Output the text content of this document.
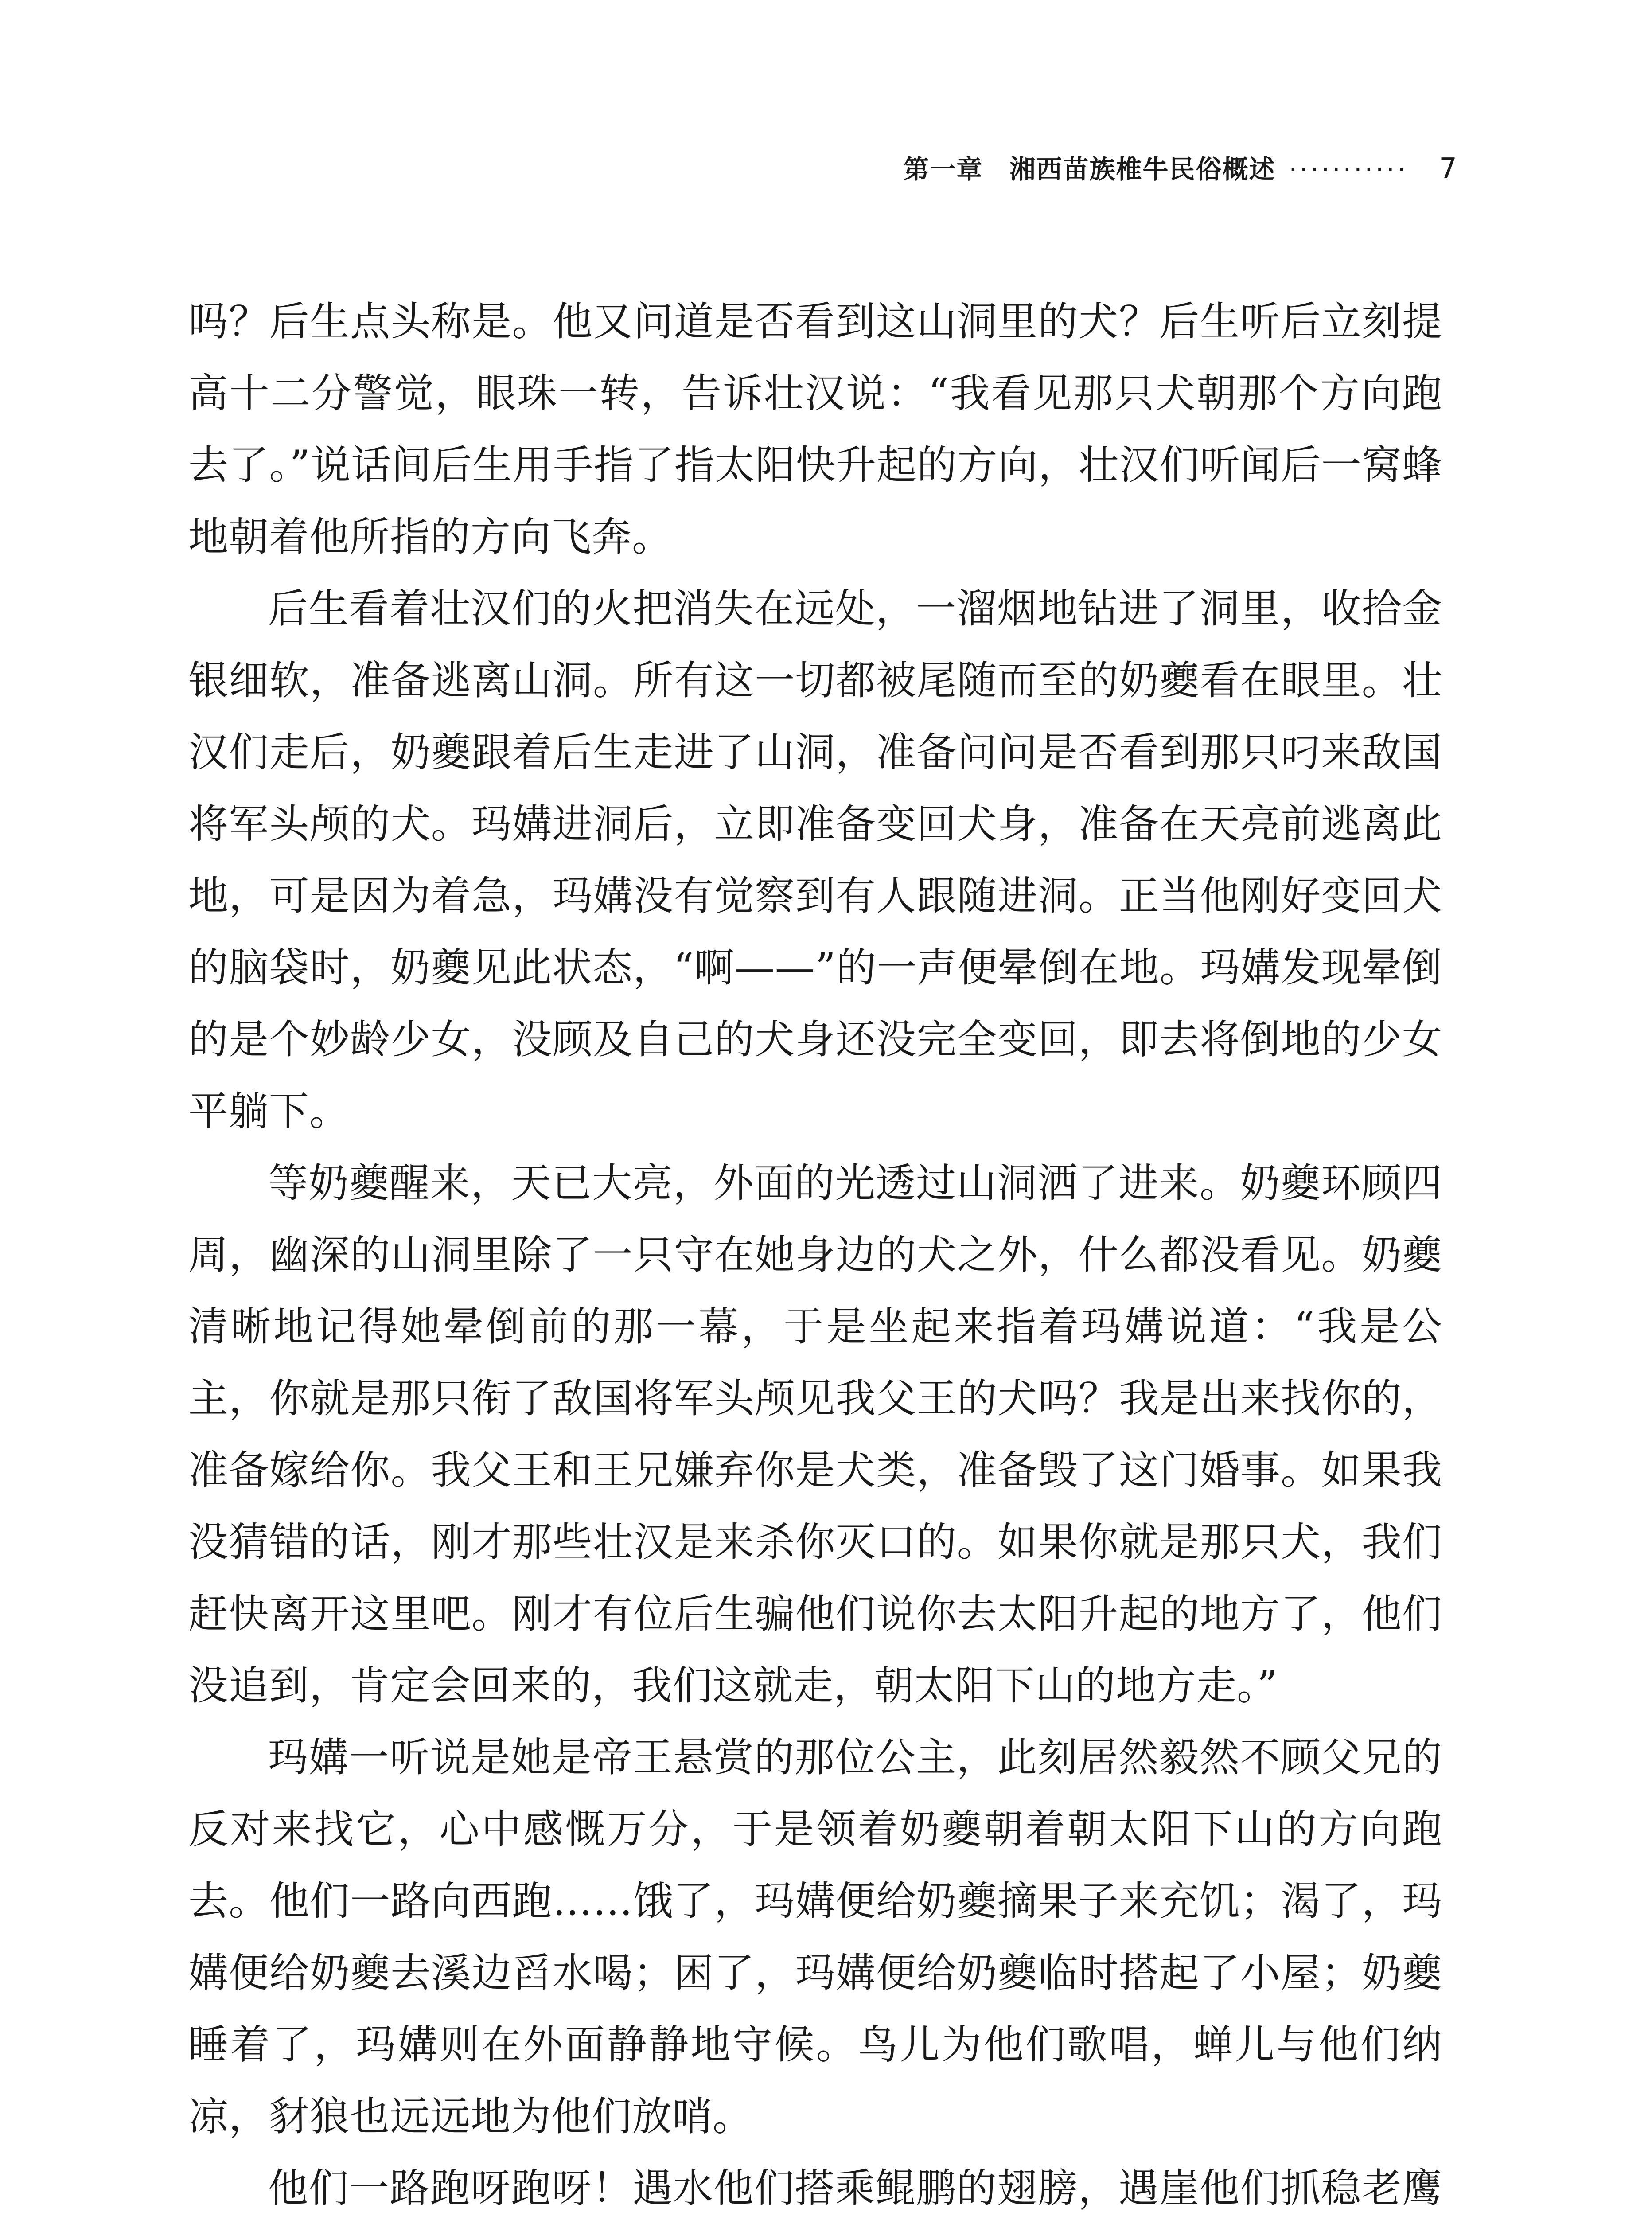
第一章 湘西苗族椎牛民俗概述 ··········· 7

吗？后生点头称是。他又问道是否看到这山洞里的犬？后生听后立刻提高十二分警觉，眼珠一转，告诉壮汉说：“我看见那只犬朝那个方向跑去了。”说话间后生用手指了指太阳快升起的方向，壮汉们听闻后一窝蜂地朝着他所指的方向飞奔。

后生看着壮汉们的火把消失在远处，一溜烟地钻进了洞里，收拾金银细软，准备逃离山洞。所有这一切都被尾随而至的奶夔看在眼里。壮汉们走后，奶夔跟着后生走进了山洞，准备问问是否看到那只叼来敌国将军头颅的犬。玛媾进洞后，立即准备变回犬身，准备在天亮前逃离此地，可是因为着急，玛媾没有觉察到有人跟随进洞。正当他刚好变回犬的脑袋时，奶夔见此状态，“啊——”的一声便晕倒在地。玛媾发现晕倒的是个妙龄少女，没顾及自己的犬身还没完全变回，即去将倒地的少女平躺下。

等奶夔醒来，天已大亮，外面的光透过山洞洒了进来。奶夔环顾四周，幽深的山洞里除了一只守在她身边的犬之外，什么都没看见。奶夔清晰地记得她晕倒前的那一幕，于是坐起来指着玛媾说道：“我是公主，你就是那只衔了敌国将军头颅见我父王的犬吗？我是出来找你的，准备嫁给你。我父王和王兄嫌弃你是犬类，准备毁了这门婚事。如果我没猜错的话，刚才那些壮汉是来杀你灭口的。如果你就是那只犬，我们赶快离开这里吧。刚才有位后生骗他们说你去太阳升起的地方了，他们没追到，肯定会回来的，我们这就走，朝太阳下山的地方走。”

玛媾一听说是她是帝王悬赏的那位公主，此刻居然毅然不顾父兄的反对来找它，心中感慨万分，于是领着奶夔朝着朝太阳下山的方向跑去。他们一路向西跑……饿了，玛媾便给奶夔摘果子来充饥；渴了，玛媾便给奶夔去溪边舀水喝；困了，玛媾便给奶夔临时搭起了小屋；奶夔睡着了，玛媾则在外面静静地守候。鸟儿为他们歌唱，蝉儿与他们纳凉，豺狼也远远地为他们放哨。

他们一路跑呀跑呀！遇水他们搭乘鲲鹏的翅膀，遇崖他们抓稳老鹰
